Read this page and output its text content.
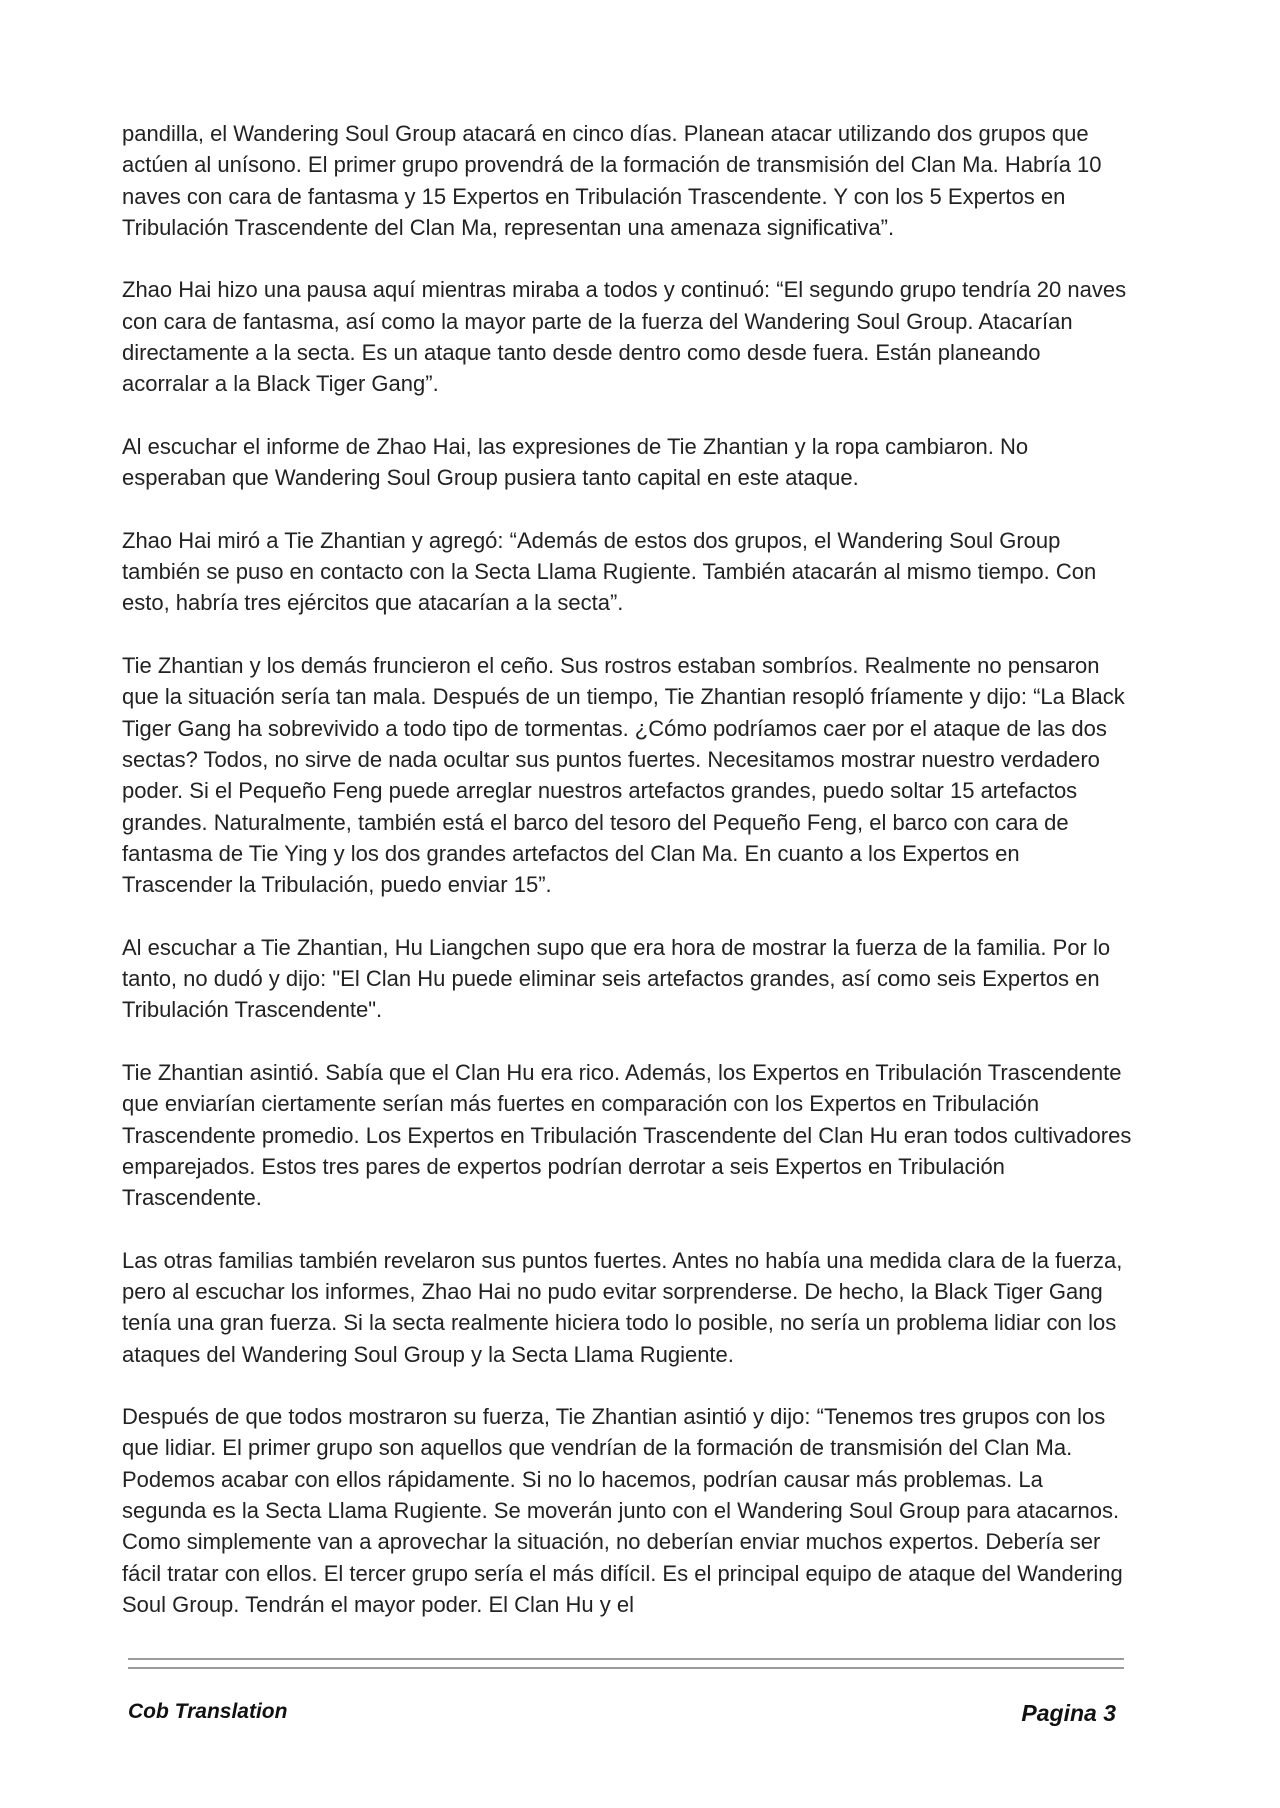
pandilla, el Wandering Soul Group atacará en cinco días. Planean atacar utilizando dos grupos que actúen al unísono. El primer grupo provendrá de la formación de transmisión del Clan Ma. Habría 10 naves con cara de fantasma y 15 Expertos en Tribulación Trascendente. Y con los 5 Expertos en Tribulación Trascendente del Clan Ma, representan una amenaza significativa”.

Zhao Hai hizo una pausa aquí mientras miraba a todos y continuó: “El segundo grupo tendría 20 naves con cara de fantasma, así como la mayor parte de la fuerza del Wandering Soul Group. Atacarían directamente a la secta. Es un ataque tanto desde dentro como desde fuera. Están planeando acorralar a la Black Tiger Gang”.

Al escuchar el informe de Zhao Hai, las expresiones de Tie Zhantian y la ropa cambiaron. No esperaban que Wandering Soul Group pusiera tanto capital en este ataque.

Zhao Hai miró a Tie Zhantian y agregó: “Además de estos dos grupos, el Wandering Soul Group también se puso en contacto con la Secta Llama Rugiente. También atacarán al mismo tiempo. Con esto, habría tres ejércitos que atacarían a la secta”.

Tie Zhantian y los demás fruncieron el ceño. Sus rostros estaban sombríos. Realmente no pensaron que la situación sería tan mala. Después de un tiempo, Tie Zhantian resopló fríamente y dijo: “La Black Tiger Gang ha sobrevivido a todo tipo de tormentas. ¿Cómo podríamos caer por el ataque de las dos sectas? Todos, no sirve de nada ocultar sus puntos fuertes. Necesitamos mostrar nuestro verdadero poder. Si el Pequeño Feng puede arreglar nuestros artefactos grandes, puedo soltar 15 artefactos grandes. Naturalmente, también está el barco del tesoro del Pequeño Feng, el barco con cara de fantasma de Tie Ying y los dos grandes artefactos del Clan Ma. En cuanto a los Expertos en Trascender la Tribulación, puedo enviar 15”.

Al escuchar a Tie Zhantian, Hu Liangchen supo que era hora de mostrar la fuerza de la familia. Por lo tanto, no dudó y dijo: "El Clan Hu puede eliminar seis artefactos grandes, así como seis Expertos en Tribulación Trascendente".

Tie Zhantian asintió. Sabía que el Clan Hu era rico. Además, los Expertos en Tribulación Trascendente que enviarían ciertamente serían más fuertes en comparación con los Expertos en Tribulación Trascendente promedio. Los Expertos en Tribulación Trascendente del Clan Hu eran todos cultivadores emparejados. Estos tres pares de expertos podrían derrotar a seis Expertos en Tribulación Trascendente.

Las otras familias también revelaron sus puntos fuertes. Antes no había una medida clara de la fuerza, pero al escuchar los informes, Zhao Hai no pudo evitar sorprenderse. De hecho, la Black Tiger Gang tenía una gran fuerza. Si la secta realmente hiciera todo lo posible, no sería un problema lidiar con los ataques del Wandering Soul Group y la Secta Llama Rugiente.

Después de que todos mostraron su fuerza, Tie Zhantian asintió y dijo: “Tenemos tres grupos con los que lidiar. El primer grupo son aquellos que vendrían de la formación de transmisión del Clan Ma. Podemos acabar con ellos rápidamente. Si no lo hacemos, podrían causar más problemas. La segunda es la Secta Llama Rugiente. Se moverán junto con el Wandering Soul Group para atacarnos. Como simplemente van a aprovechar la situación, no deberían enviar muchos expertos. Debería ser fácil tratar con ellos. El tercer grupo sería el más difícil. Es el principal equipo de ataque del Wandering Soul Group. Tendrán el mayor poder. El Clan Hu y el

Cob Translation	Pagina 3
